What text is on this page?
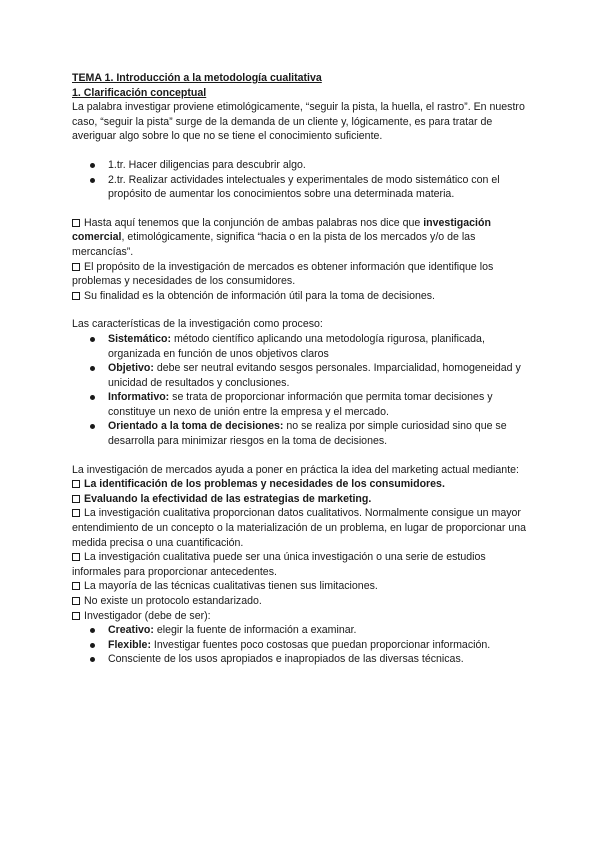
TEMA 1. Introducción a la metodología cualitativa

1. Clarificación conceptual

La palabra investigar proviene etimológicamente, “seguir la pista, la huella, el rastro”. En nuestro caso, “seguir la pista” surge de la demanda de un cliente y, lógicamente, es para tratar de averiguar algo sobre lo que no se tiene el conocimiento suficiente.

1.tr. Hacer diligencias para descubrir algo.
2.tr. Realizar actividades intelectuales y experimentales de modo sistemático con el propósito de aumentar los conocimientos sobre una determinada materia.

Hasta aquí tenemos que la conjunción de ambas palabras nos dice que investigación comercial, etimológicamente, significa “hacia o en la pista de los mercados y/o de las mercancías”.

El propósito de la investigación de mercados es obtener información que identifique los problemas y necesidades de los consumidores.

Su finalidad es la obtención de información útil para la toma de decisiones.

Las características de la investigación como proceso:

Sistemático: método científico aplicando una metodología rigurosa, planificada, organizada en función de unos objetivos claros
Objetivo: debe ser neutral evitando sesgos personales. Imparcialidad, homogeneidad y unicidad de resultados y conclusiones.
Informativo: se trata de proporcionar información que permita tomar decisiones y constituye un nexo de unión entre la empresa y el mercado.
Orientado a la toma de decisiones: no se realiza por simple curiosidad sino que se desarrolla para minimizar riesgos en la toma de decisiones.

La investigación de mercados ayuda a poner en práctica la idea del marketing actual mediante:

La identificación de los problemas y necesidades de los consumidores.

Evaluando la efectividad de las estrategias de marketing.

La investigación cualitativa proporcionan datos cualitativos. Normalmente consigue un mayor entendimiento de un concepto o la materialización de un problema, en lugar de proporcionar una medida precisa o una cuantificación.

La investigación cualitativa puede ser una única investigación o una serie de estudios informales para proporcionar antecedentes.

La mayoría de las técnicas cualitativas tienen sus limitaciones.

No existe un protocolo estandarizado.

Investigador (debe de ser):

Creativo: elegir la fuente de información a examinar.
Flexible: Investigar fuentes poco costosas que puedan proporcionar información.
Consciente de los usos apropiados e inapropiados de las diversas técnicas.
